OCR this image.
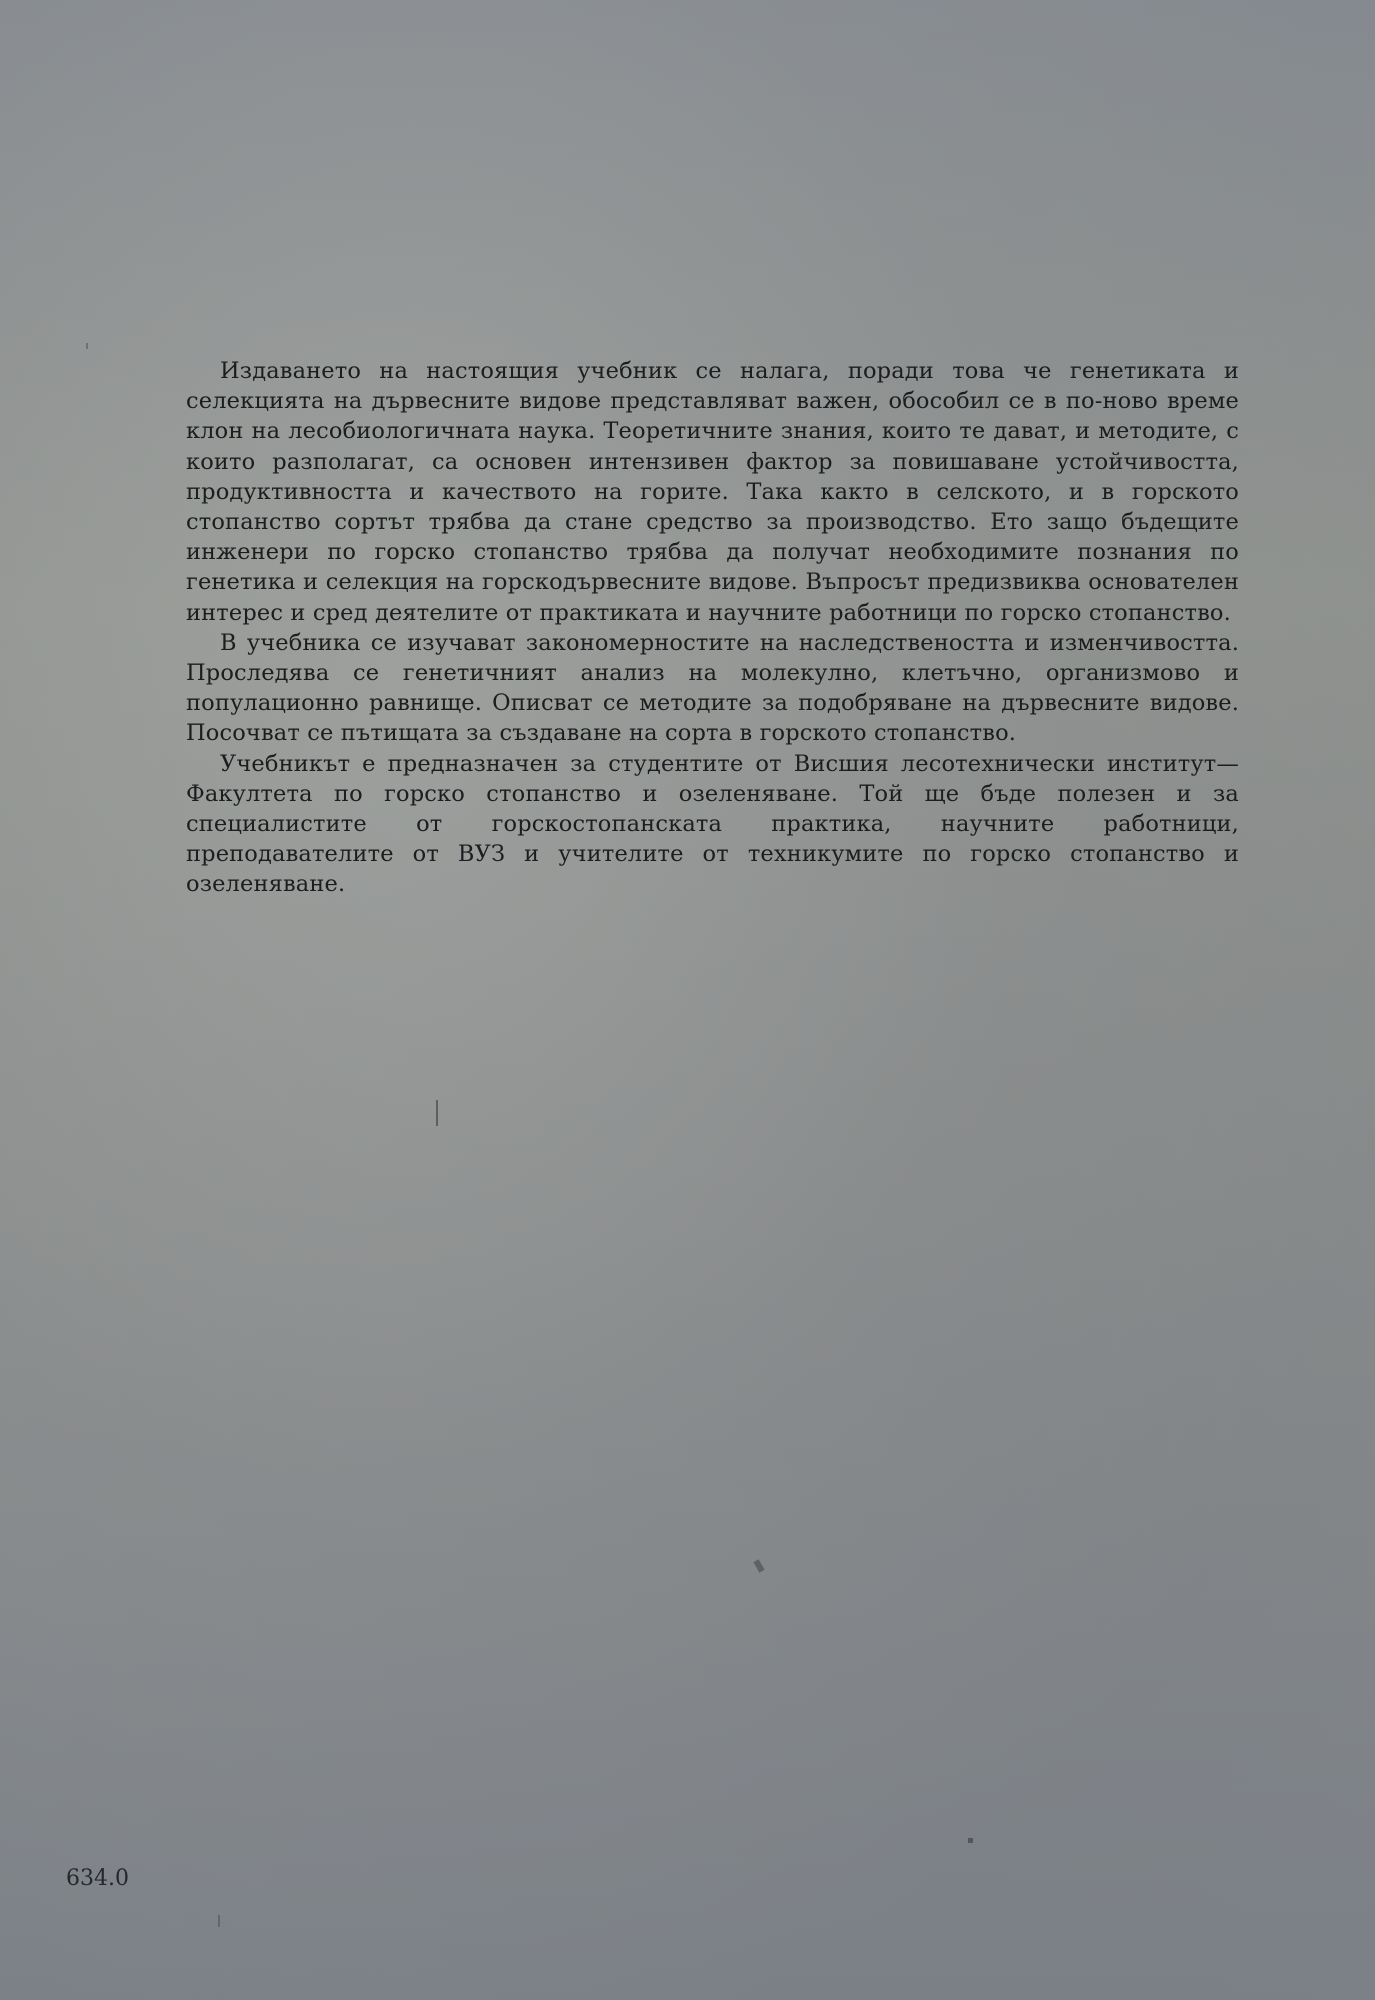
Издаването на настоящия учебник се налага, поради това че генетиката и селекцията на дървесните видове представляват важен, обособил се в по-ново време клон на лесобиологичната наука. Теоретичните знания, които те дават, и методите, с които разполагат, са основен интензивен фактор за повишаване устойчивостта, продуктивността и качеството на горите. Така както в селското, и в горското стопанство сортът трябва да стане средство за производство. Ето защо бъдещите инженери по горско стопанство трябва да получат необходимите познания по генетика и селекция на горскодървесните видове. Въпросът предизвиква основателен интерес и сред деятелите от практиката и научните работници по горско стопанство.

В учебника се изучават закономерностите на наследствеността и изменчивостта. Проследява се генетичният анализ на молекулно, клетъчно, организмово и популационно равнище. Описват се методите за подобряване на дървесните видове. Посочват се пътищата за създаване на сорта в горското стопанство.

Учебникът е предназначен за студентите от Висшия лесотехнически институт—Факултета по горско стопанство и озеленяване. Той ще бъде полезен и за специалистите от горскостопанската практика, научните работници, преподавателите от ВУЗ и учителите от техникумите по горско стопанство и озеленяване.

634.0
